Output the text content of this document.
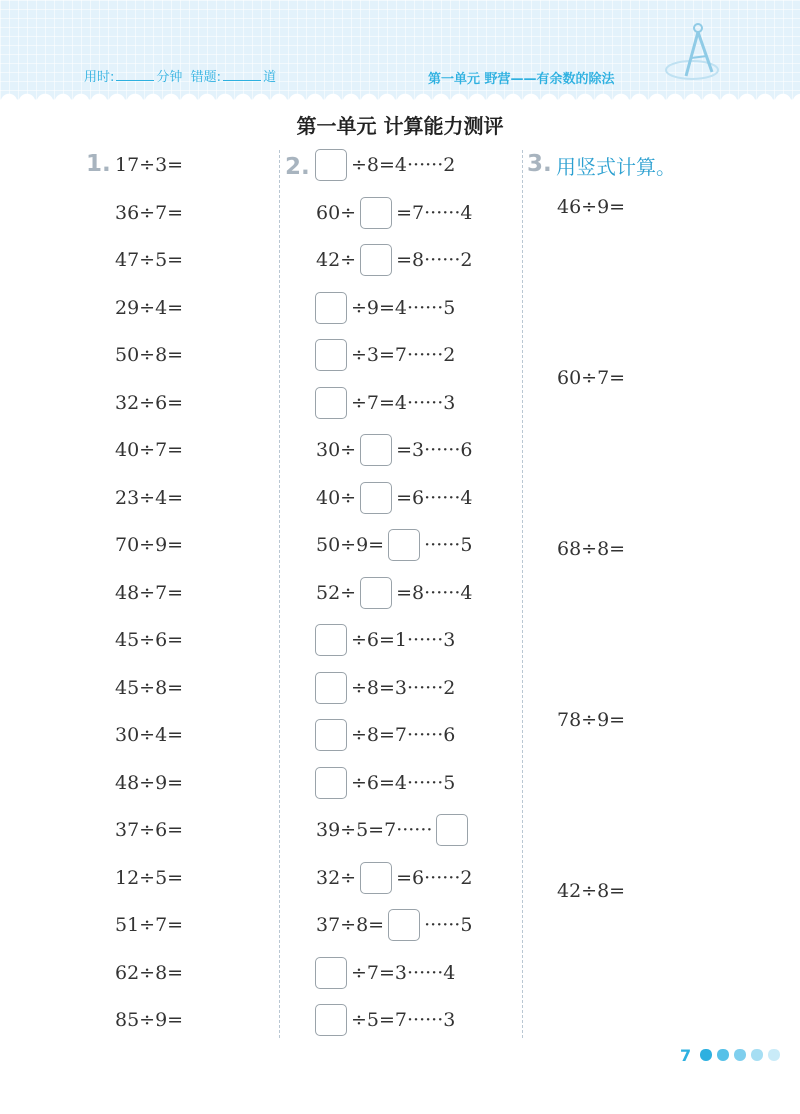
用时:	分钟 错题:	道	第一单元 野营——有余数的除法
第一单元 计算能力测评
1. 17÷3=
36÷7=
47÷5=
29÷4=
50÷8=
32÷6=
40÷7=
23÷4=
70÷9=
48÷7=
45÷6=
45÷8=
30÷4=
48÷9=
37÷6=
12÷5=
51÷7=
62÷8=
85÷9=
2. ÷8=4······2
60÷ =7······4
42÷ =8······2
÷9=4······5
÷3=7······2
÷7=4······3
30÷ =3······6
40÷ =6······4
50÷9= ······5
52÷ =8······4
÷6=1······3
÷8=3······2
÷8=7······6
÷6=4······5
39÷5=7······
32÷ =6······2
37÷8= ······5
÷7=3······4
÷5=7······3
3. 用竖式计算。
46÷9=
60÷7=
68÷8=
78÷9=
42÷8=
7
